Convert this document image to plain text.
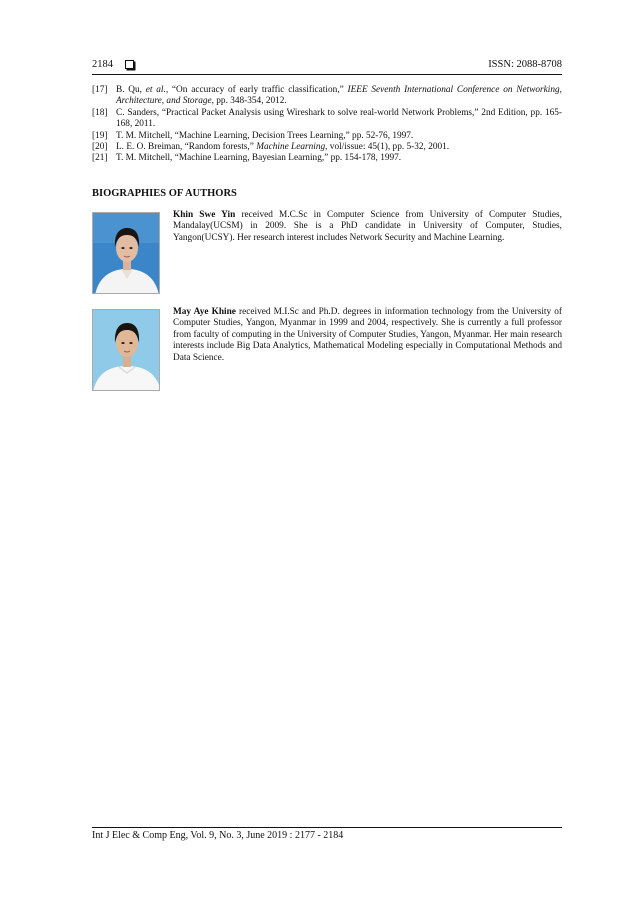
2184	ISSN: 2088-8708
[17] B. Qu, et al., “On accuracy of early traffic classification,” IEEE Seventh International Conference on Networking, Architecture, and Storage, pp. 348-354, 2012.
[18] C. Sanders, “Practical Packet Analysis using Wireshark to solve real-world Network Problems,” 2nd Edition, pp. 165-168, 2011.
[19] T. M. Mitchell, “Machine Learning, Decision Trees Learning,” pp. 52-76, 1997.
[20] L. E. O. Breiman, “Random forests,” Machine Learning, vol/issue: 45(1), pp. 5-32, 2001.
[21] T. M. Mitchell, “Machine Learning, Bayesian Learning,” pp. 154-178, 1997.
BIOGRAPHIES OF AUTHORS
Khin Swe Yin received M.C.Sc in Computer Science from University of Computer Studies, Mandalay(UCSM) in 2009. She is a PhD candidate in University of Computer, Studies, Yangon(UCSY). Her research interest includes Network Security and Machine Learning.
May Aye Khine received M.I.Sc and Ph.D. degrees in information technology from the University of Computer Studies, Yangon, Myanmar in 1999 and 2004, respectively. She is currently a full professor from faculty of computing in the University of Computer Studies, Yangon, Myanmar. Her main research interests include Big Data Analytics, Mathematical Modeling especially in Computational Methods and Data Science.
Int J Elec & Comp Eng, Vol. 9, No. 3, June 2019 : 2177 - 2184
